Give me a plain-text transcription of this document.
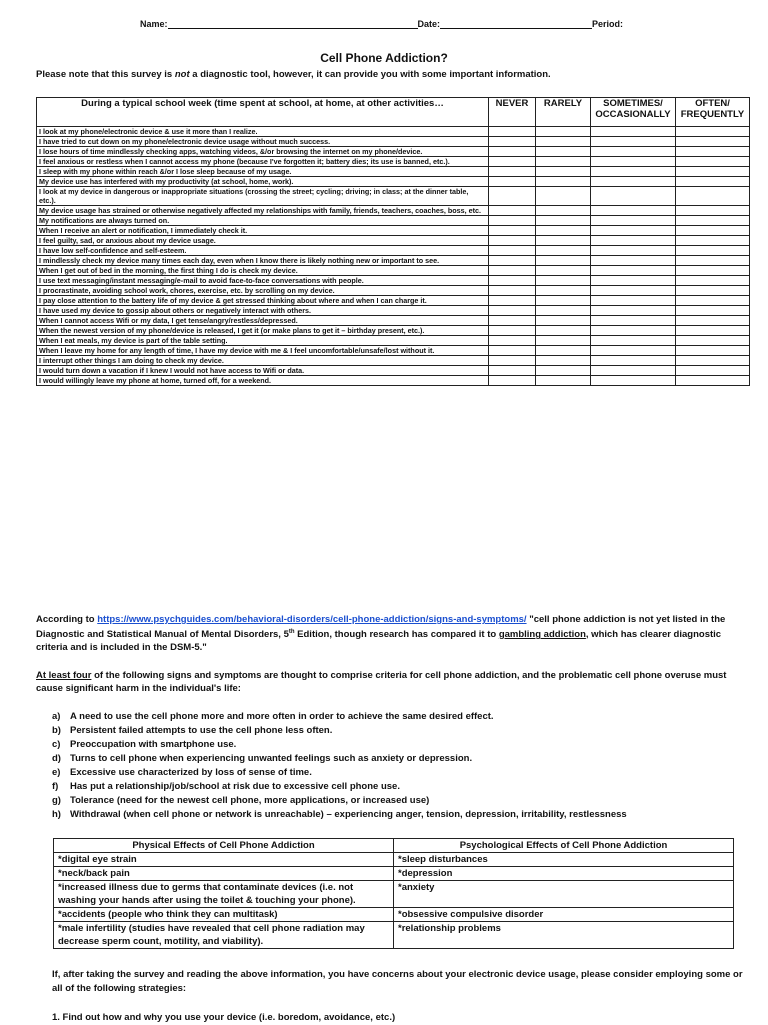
Name:	Date:	Period:
Cell Phone Addiction?
Please note that this survey is not a diagnostic tool, however, it can provide you with some important information.
During a typical school week (time spent at school, at home, at other activities…	NEVER	RARELY	SOMETIMES/ OCCASIONALLY	OFTEN/ FREQUENTLY
I look at my phone/electronic device & use it more than I realize.				
I have tried to cut down on my phone/electronic device usage without much success.				
I lose hours of time mindlessly checking apps, watching videos, &/or browsing the internet on my phone/device.				
I feel anxious or restless when I cannot access my phone (because I've forgotten it; battery dies; its use is banned, etc.).				
I sleep with my phone within reach &/or I lose sleep because of my usage.				
My device use has interfered with my productivity (at school, home, work).				
I look at my device in dangerous or inappropriate situations (crossing the street; cycling; driving; in class; at the dinner table, etc.).				
My device usage has strained or otherwise negatively affected my relationships with family, friends, teachers, coaches, boss, etc.				
My notifications are always turned on.				
When I receive an alert or notification, I immediately check it.				
I feel guilty, sad, or anxious about my device usage.				
I have low self-confidence and self-esteem.				
I mindlessly check my device many times each day, even when I know there is likely nothing new or important to see.				
When I get out of bed in the morning, the first thing I do is check my device.				
I use text messaging/instant messaging/e-mail to avoid face-to-face conversations with people.				
I procrastinate, avoiding school work, chores, exercise, etc. by scrolling on my device.				
I pay close attention to the battery life of my device & get stressed thinking about where and when I can charge it.				
I have used my device to gossip about others or negatively interact with others.				
When I cannot access Wifi or my data, I get tense/angry/restless/depressed.				
When the newest version of my phone/device is released, I get it (or make plans to get it – birthday present, etc.).				
When I eat meals, my device is part of the table setting.				
When I leave my home for any length of time, I have my device with me & I feel uncomfortable/unsafe/lost without it.				
I interrupt other things I am doing to check my device.				
I would turn down a vacation if I knew I would not have access to Wifi or data.				
I would willingly leave my phone at home, turned off, for a weekend.				
According to https://www.psychguides.com/behavioral-disorders/cell-phone-addiction/signs-and-symptoms/ "cell phone addiction is not yet listed in the Diagnostic and Statistical Manual of Mental Disorders, 5th Edition, though research has compared it to gambling addiction, which has clearer diagnostic criteria and is included in the DSM-5."
At least four of the following signs and symptoms are thought to comprise criteria for cell phone addiction, and the problematic cell phone overuse must cause significant harm in the individual's life:
a) A need to use the cell phone more and more often in order to achieve the same desired effect.
b) Persistent failed attempts to use the cell phone less often.
c) Preoccupation with smartphone use.
d) Turns to cell phone when experiencing unwanted feelings such as anxiety or depression.
e) Excessive use characterized by loss of sense of time.
f) Has put a relationship/job/school at risk due to excessive cell phone use.
g) Tolerance (need for the newest cell phone, more applications, or increased use)
h) Withdrawal (when cell phone or network is unreachable) – experiencing anger, tension, depression, irritability, restlessness
Physical Effects of Cell Phone Addiction	Psychological Effects of Cell Phone Addiction
*digital eye strain	*sleep disturbances
*neck/back pain	*depression
*increased illness due to germs that contaminate devices (i.e. not washing your hands after using the toilet & touching your phone).	*anxiety
*accidents (people who think they can multitask)	*obsessive compulsive disorder
*male infertility (studies have revealed that cell phone radiation may decrease sperm count, motility, and viability).	*relationship problems
If, after taking the survey and reading the above information, you have concerns about your electronic device usage, please consider employing some or all of the following strategies:
1. Find out how and why you use your device (i.e. boredom, avoidance, etc.)
